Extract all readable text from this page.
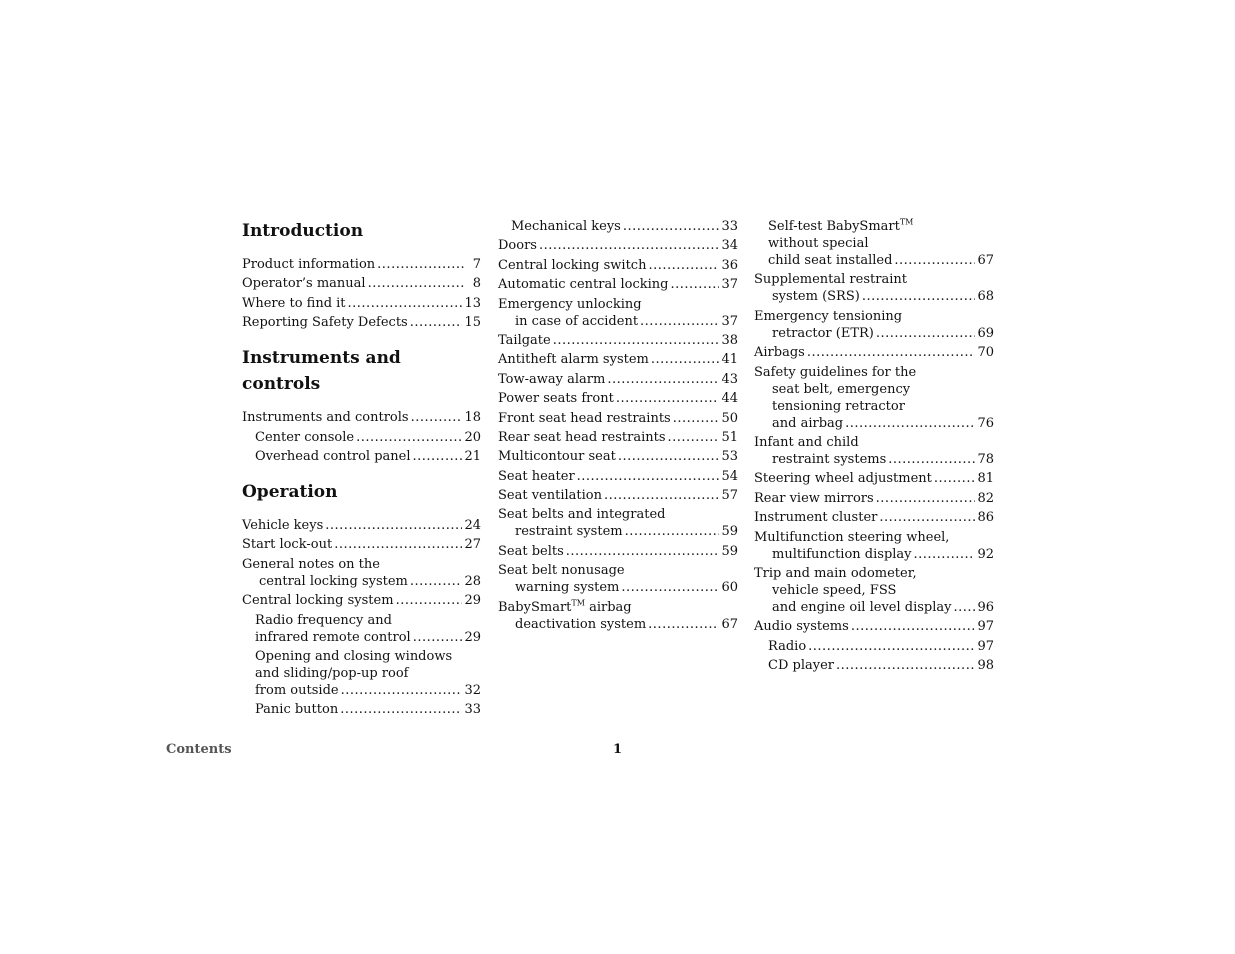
Introduction
Product information .....	7
Operator’s manual .....	8
Where to find it .....	13
Reporting Safety Defects .....	15
Instruments and controls
Instruments and controls .....	18
Center console .....	20
Overhead control panel .....	21
Operation
Vehicle keys .....	24
Start lock-out .....	27
General notes on the
central locking system .....	28
Central locking system .....	29
Radio frequency and
infrared remote control .....	29
Opening and closing windows
and sliding/pop-up roof
from outside .....	32
Panic button .....	33
Mechanical keys .....	33
Doors .....	34
Central locking switch .....	36
Automatic central locking .....	37
Emergency unlocking
in case of accident .....	37
Tailgate .....	38
Antitheft alarm system .....	41
Tow-away alarm .....	43
Power seats front .....	44
Front seat head restraints .....	50
Rear seat head restraints .....	51
Multicontour seat .....	53
Seat heater .....	54
Seat ventilation .....	57
Seat belts and integrated
restraint system .....	59
Seat belts .....	59
Seat belt nonusage
warning system .....	60
BabySmart™ airbag
deactivation system .....	67
Self-test BabySmart™
without special
child seat installed .....	67
Supplemental restraint
system (SRS) .....	68
Emergency tensioning
retractor (ETR) .....	69
Airbags .....	70
Safety guidelines for the
seat belt, emergency
tensioning retractor
and airbag .....	76
Infant and child
restraint systems .....	78
Steering wheel adjustment .....	81
Rear view mirrors .....	82
Instrument cluster .....	86
Multifunction steering wheel,
multifunction display .....	92
Trip and main odometer,
vehicle speed, FSS
and engine oil level display ..... 96
Audio systems .....	97
Radio .....	97
CD player .....	98
Contents	1
